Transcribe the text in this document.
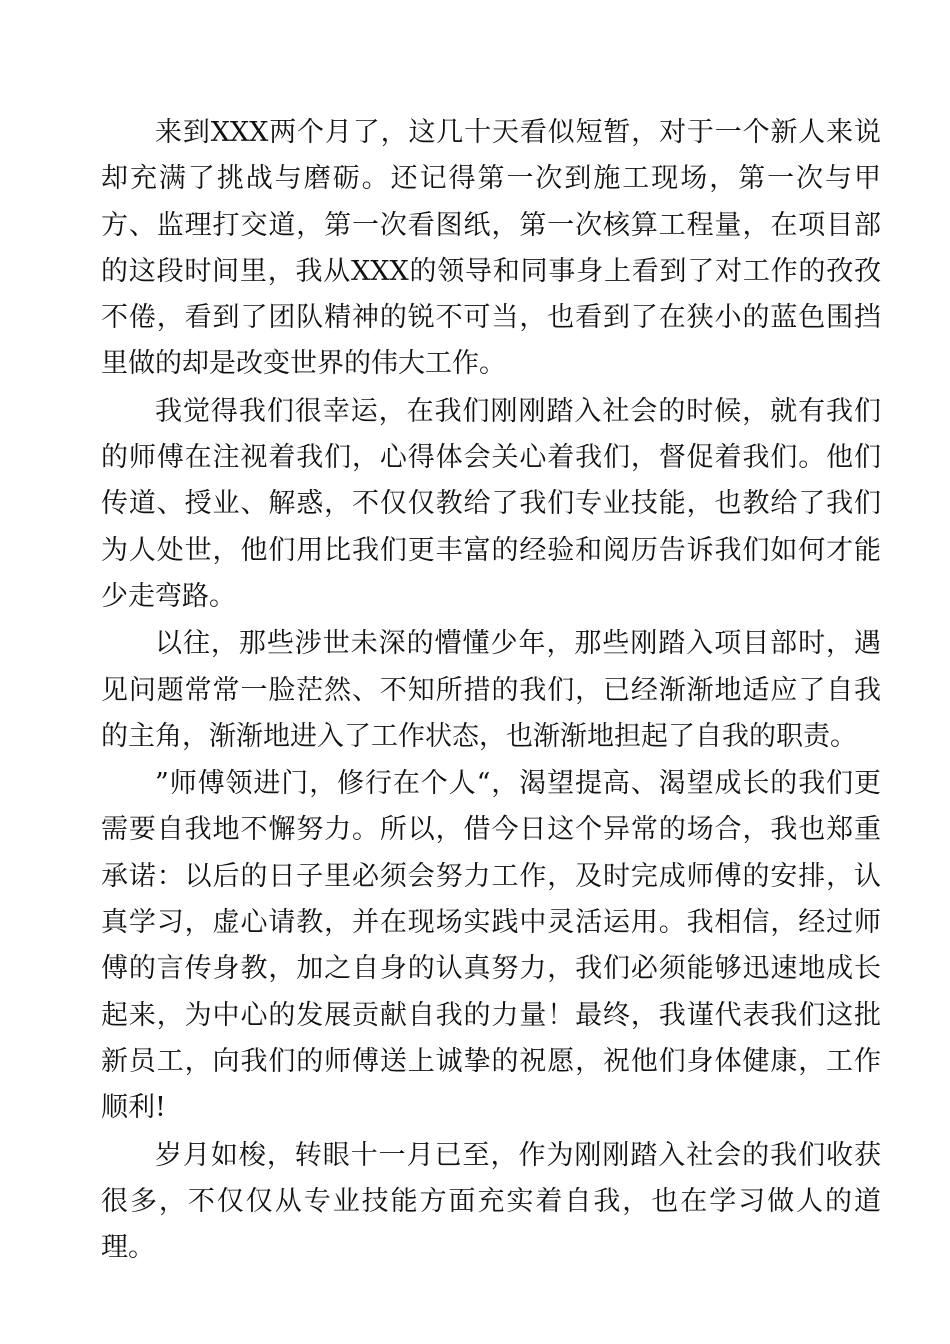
来到XXX两个月了，这几十天看似短暂，对于一个新人来说却充满了挑战与磨砺。还记得第一次到施工现场，第一次与甲方、监理打交道，第一次看图纸，第一次核算工程量，在项目部的这段时间里，我从XXX的领导和同事身上看到了对工作的孜孜不倦，看到了团队精神的锐不可当，也看到了在狭小的蓝色围挡里做的却是改变世界的伟大工作。

我觉得我们很幸运，在我们刚刚踏入社会的时候，就有我们的师傅在注视着我们，心得体会关心着我们，督促着我们。他们传道、授业、解惑，不仅仅教给了我们专业技能，也教给了我们为人处世，他们用比我们更丰富的经验和阅历告诉我们如何才能少走弯路。

以往，那些涉世未深的懵懂少年，那些刚踏入项目部时，遇见问题常常一脸茫然、不知所措的我们，已经渐渐地适应了自我的主角，渐渐地进入了工作状态，也渐渐地担起了自我的职责。

”师傅领进门，修行在个人“，渴望提高、渴望成长的我们更需要自我地不懈努力。所以，借今日这个异常的场合，我也郑重承诺：以后的日子里必须会努力工作，及时完成师傅的安排，认真学习，虚心请教，并在现场实践中灵活运用。我相信，经过师傅的言传身教，加之自身的认真努力，我们必须能够迅速地成长起来，为中心的发展贡献自我的力量！最终，我谨代表我们这批新员工，向我们的师傅送上诚挚的祝愿，祝他们身体健康，工作顺利!

岁月如梭，转眼十一月已至，作为刚刚踏入社会的我们收获很多，不仅仅从专业技能方面充实着自我，也在学习做人的道理。
